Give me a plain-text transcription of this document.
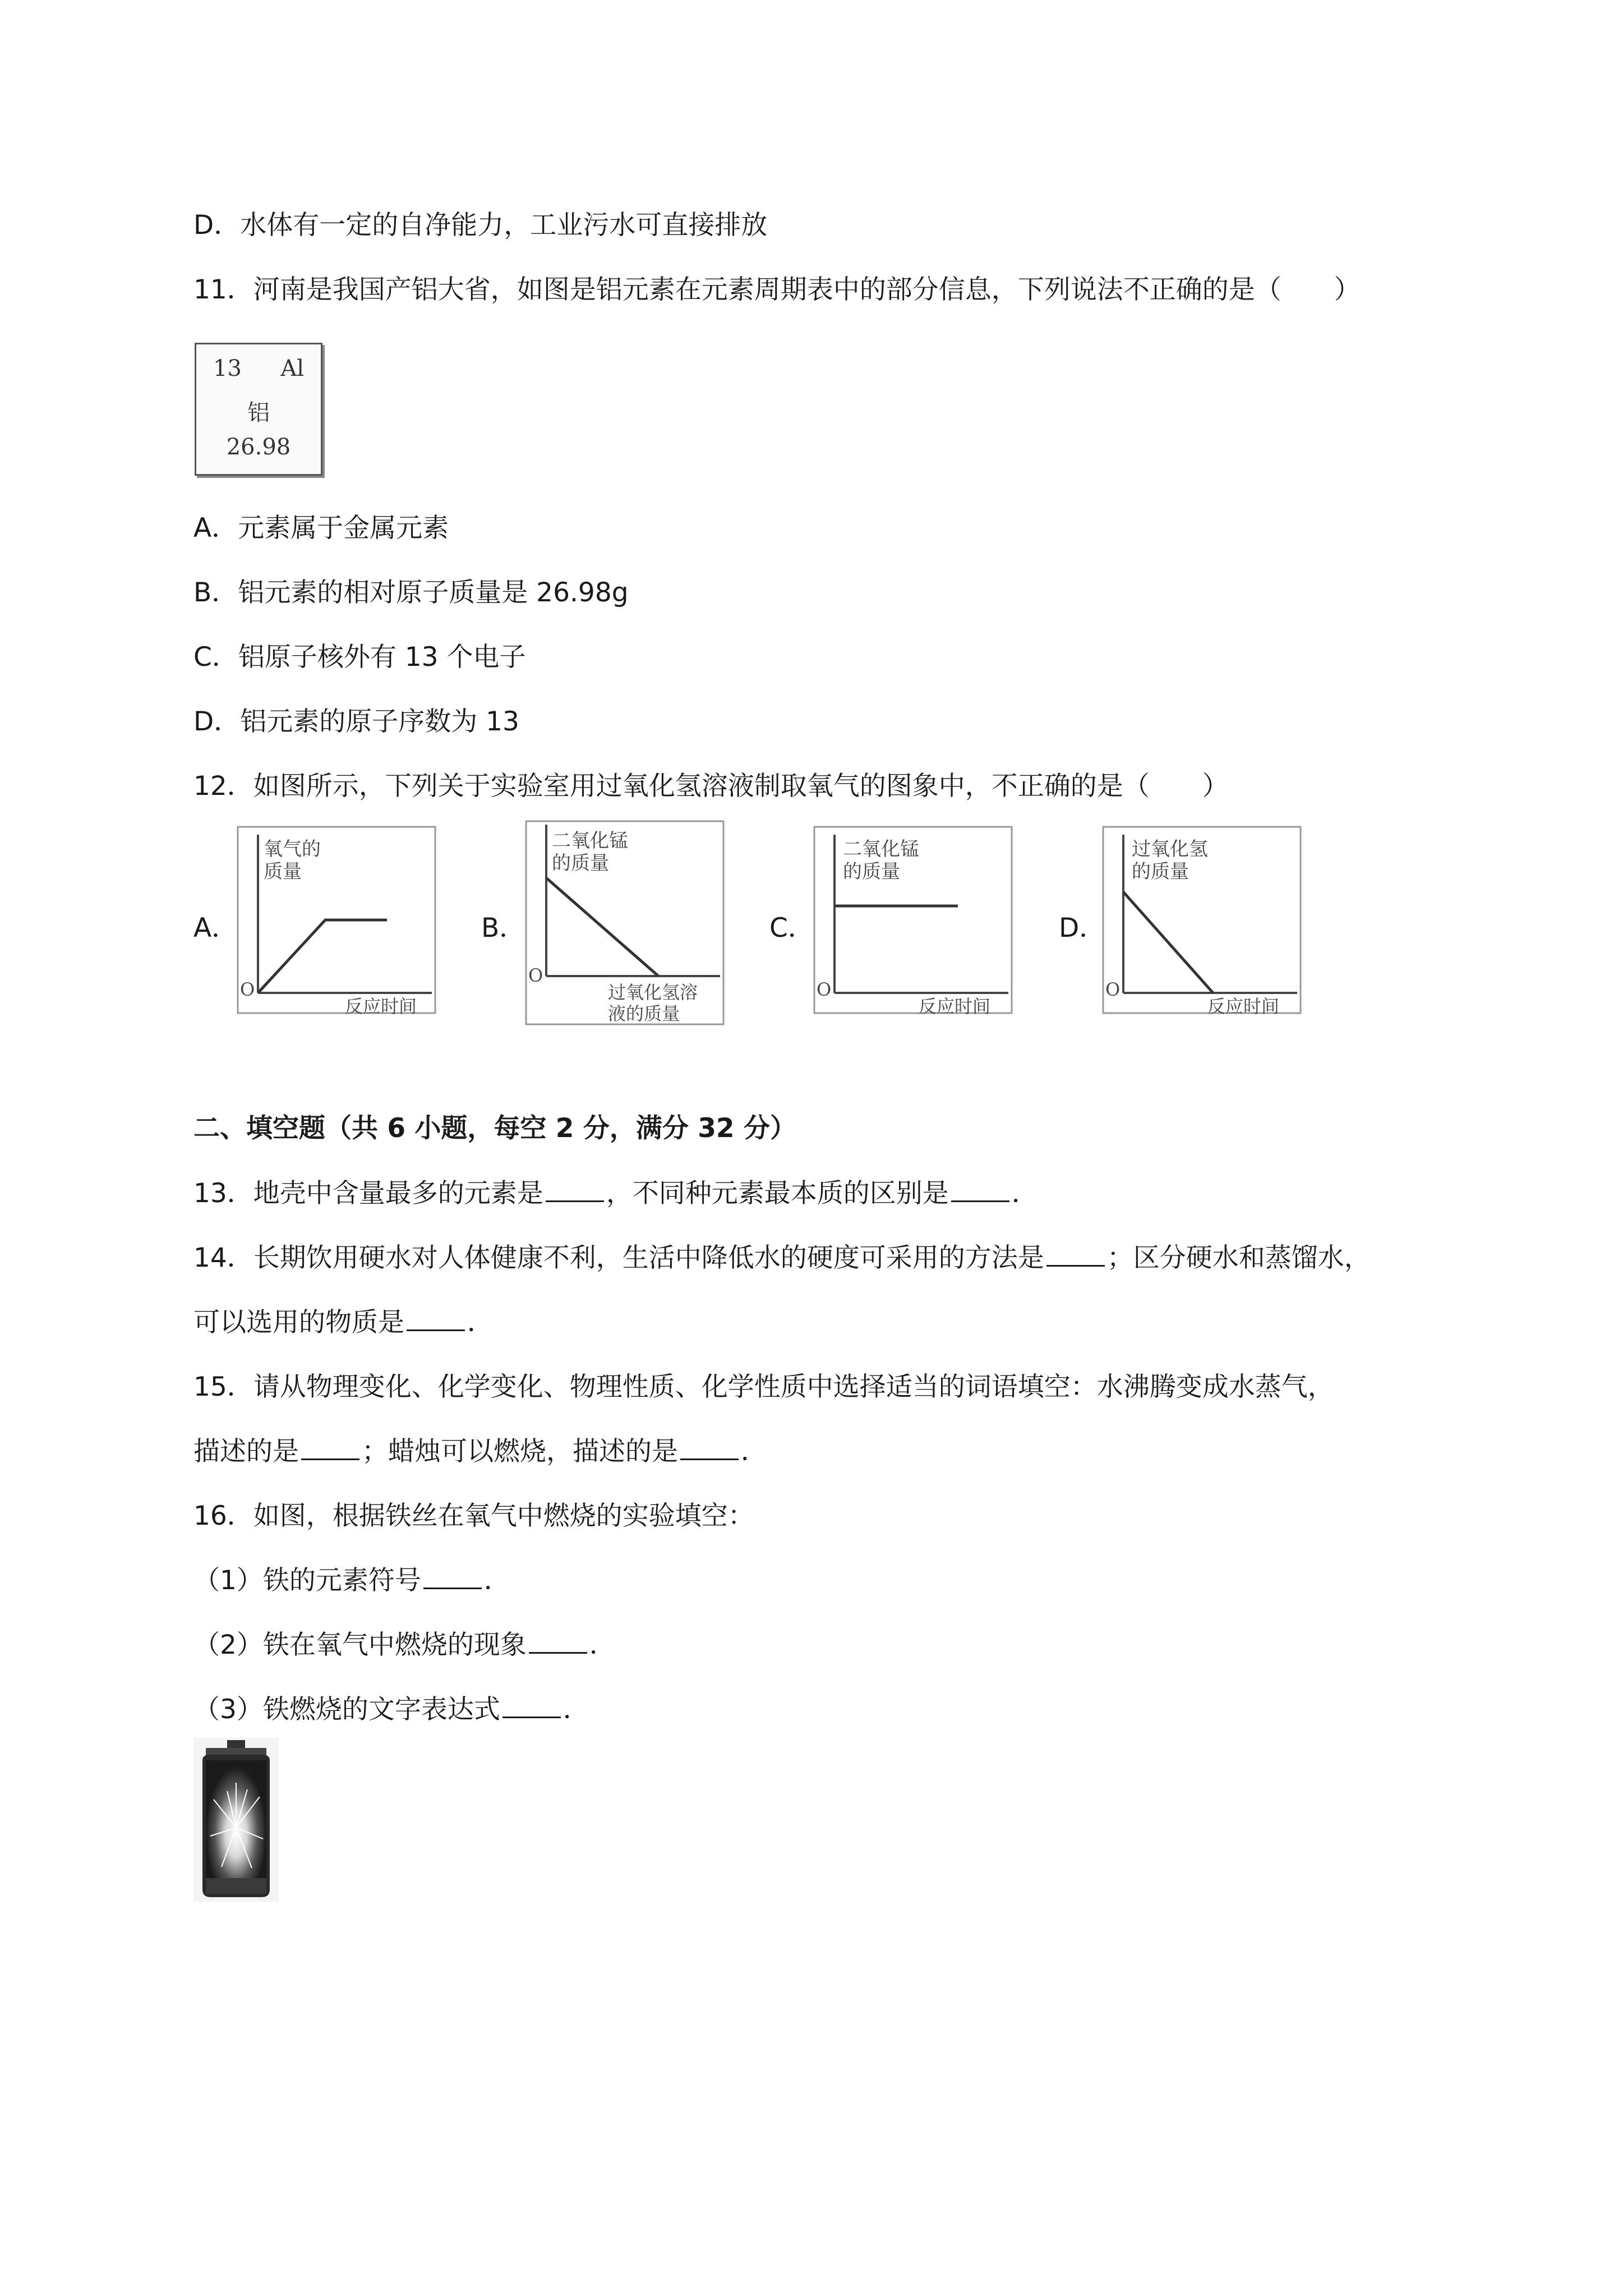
D．水体有一定的自净能力，工业污水可直接排放
11．河南是我国产铝大省，如图是铝元素在元素周期表中的部分信息，下列说法不正确的是（　　）
13 Al
铝
26.98
A．元素属于金属元素
B．铝元素的相对原子质量是 26.98g
C．铝原子核外有 13 个电子
D．铝元素的原子序数为 13
12．如图所示，下列关于实验室用过氧化氢溶液制取氧气的图象中，不正确的是（　　）
A．	B．	C．	D．
氧气的
质量
O
反应时间
二氧化锰
的质量
O
过氧化氢溶
液的质量
二氧化锰
的质量
O
反应时间
过氧化氢
的质量
O
反应时间
二、填空题（共 6 小题，每空 2 分，满分 32 分）
13．地壳中含量最多的元素是 ，不同种元素最本质的区别是 ．
14．长期饮用硬水对人体健康不利，生活中降低水的硬度可采用的方法是 ；区分硬水和蒸馏水，
可以选用的物质是 ．
15．请从物理变化、化学变化、物理性质、化学性质中选择适当的词语填空：水沸腾变成水蒸气，
描述的是 ；蜡烛可以燃烧，描述的是 ．
16．如图，根据铁丝在氧气中燃烧的实验填空：
（1）铁的元素符号 ．
（2）铁在氧气中燃烧的现象 ．
（3）铁燃烧的文字表达式 ．
